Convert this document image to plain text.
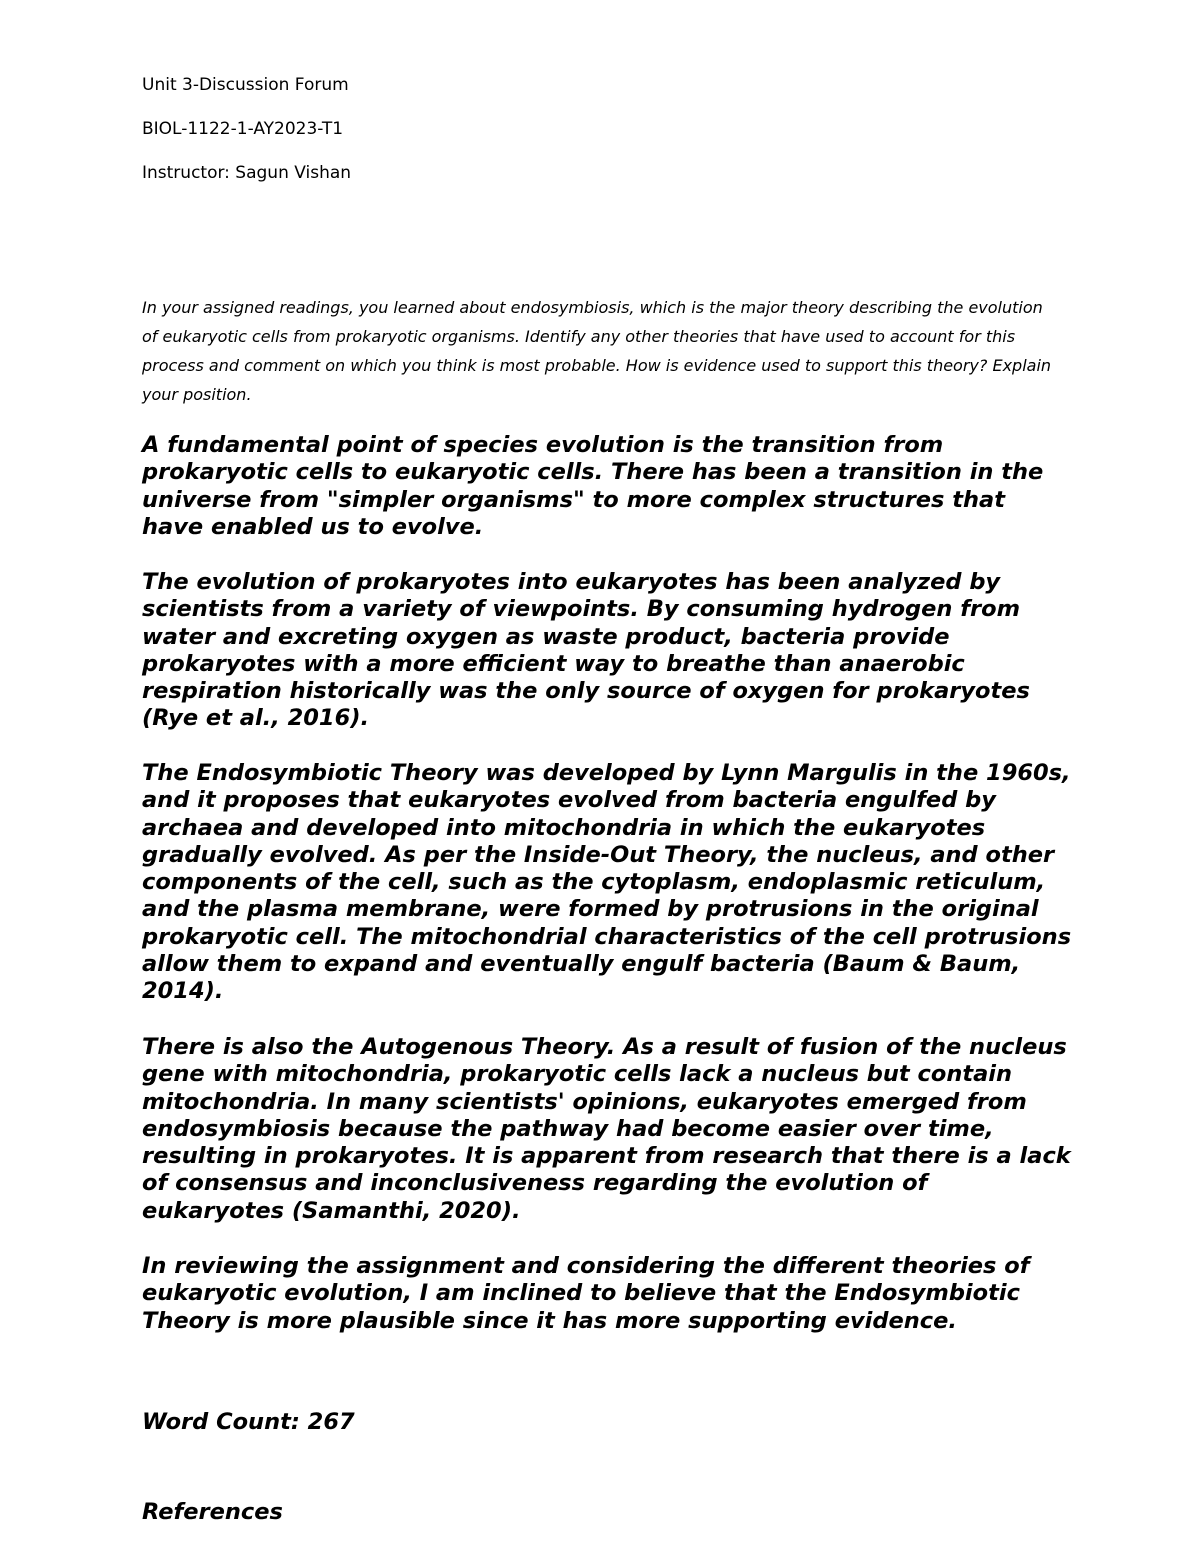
Unit 3-Discussion Forum
BIOL-1122-1-AY2023-T1
Instructor: Sagun Vishan
In your assigned readings, you learned about endosymbiosis, which is the major theory describing the evolution of eukaryotic cells from prokaryotic organisms. Identify any other theories that have used to account for this process and comment on which you think is most probable. How is evidence used to support this theory? Explain your position.

A fundamental point of species evolution is the transition from prokaryotic cells to eukaryotic cells. There has been a transition in the universe from "simpler organisms" to more complex structures that have enabled us to evolve.

The evolution of prokaryotes into eukaryotes has been analyzed by scientists from a variety of viewpoints. By consuming hydrogen from water and excreting oxygen as waste product, bacteria provide prokaryotes with a more efficient way to breathe than anaerobic respiration historically was the only source of oxygen for prokaryotes (Rye et al., 2016).

The Endosymbiotic Theory was developed by Lynn Margulis in the 1960s, and it proposes that eukaryotes evolved from bacteria engulfed by archaea and developed into mitochondria in which the eukaryotes gradually evolved. As per the Inside-Out Theory, the nucleus, and other components of the cell, such as the cytoplasm, endoplasmic reticulum, and the plasma membrane, were formed by protrusions in the original prokaryotic cell. The mitochondrial characteristics of the cell protrusions allow them to expand and eventually engulf bacteria (Baum & Baum, 2014).

There is also the Autogenous Theory. As a result of fusion of the nucleus gene with mitochondria, prokaryotic cells lack a nucleus but contain mitochondria. In many scientists' opinions, eukaryotes emerged from endosymbiosis because the pathway had become easier over time, resulting in prokaryotes. It is apparent from research that there is a lack of consensus and inconclusiveness regarding the evolution of eukaryotes (Samanthi, 2020).

In reviewing the assignment and considering the different theories of eukaryotic evolution, I am inclined to believe that the Endosymbiotic Theory is more plausible since it has more supporting evidence.

Word Count: 267
References
